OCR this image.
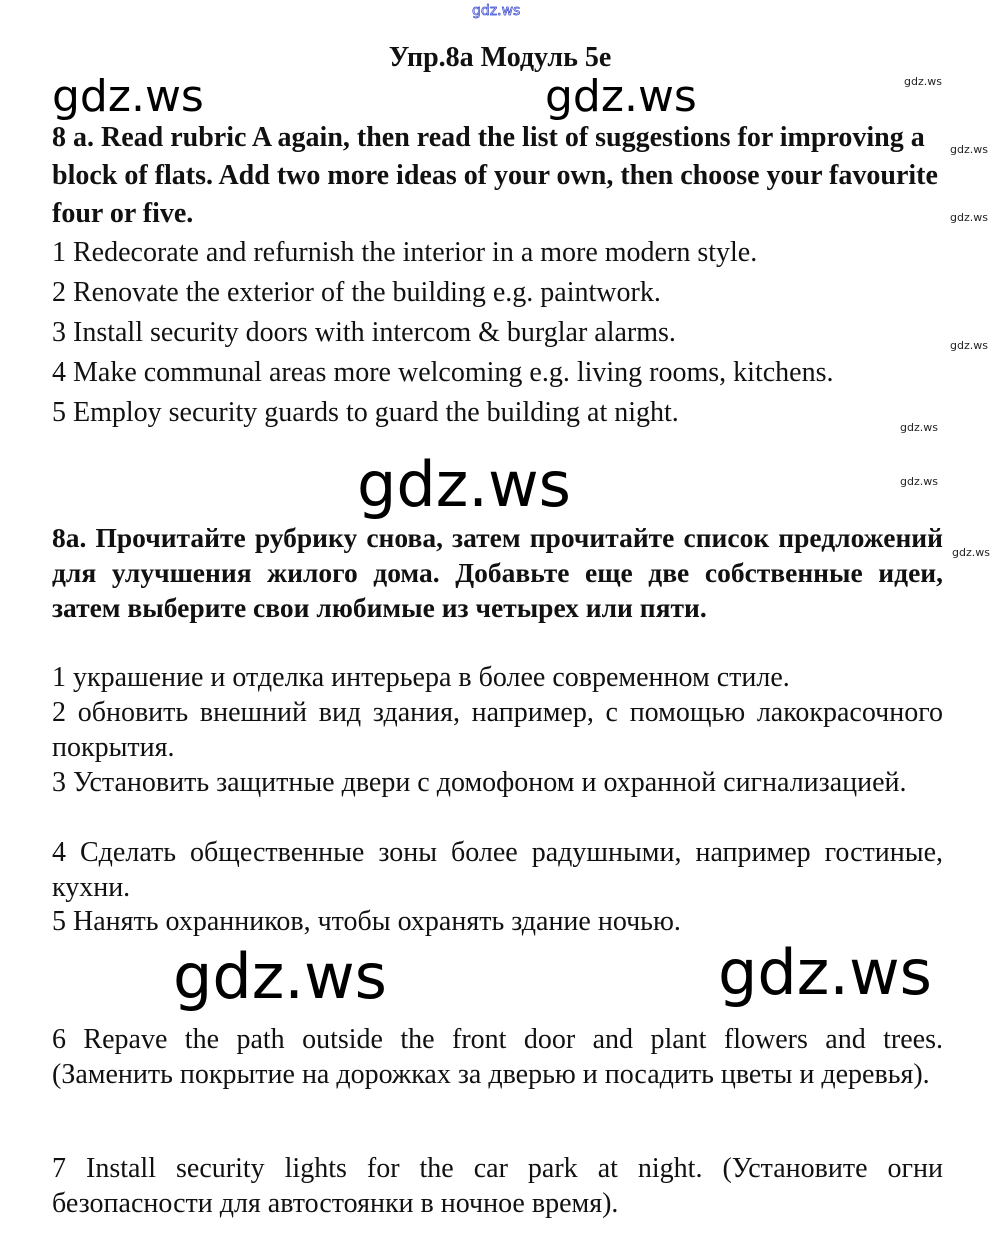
gdz.ws
Упр.8а Модуль 5e
gdz.ws	gdz.ws
8 a. Read rubric A again, then read the list of suggestions for improving a block of flats. Add two more ideas of your own, then choose your favourite four or five.
1 Redecorate and refurnish the interior in a more modern style.
2 Renovate the exterior of the building e.g. paintwork.
3 Install security doors with intercom & burglar alarms.
4 Make communal areas more welcoming e.g. living rooms, kitchens.
5 Employ security guards to guard the building at night.
gdz.ws
8а. Прочитайте рубрику снова, затем прочитайте список предложений для улучшения жилого дома. Добавьте еще две собственные идеи, затем выберите свои любимые из четырех или пяти.
1 украшение и отделка интерьера в более современном стиле.
2 обновить внешний вид здания, например, с помощью лакокрасочного покрытия.
3 Установить защитные двери с домофоном и охранной сигнализацией.
4 Сделать общественные зоны более радушными, например гостиные, кухни.
5 Нанять охранников, чтобы охранять здание ночью.
gdz.ws	gdz.ws
6 Repave the path outside the front door and plant flowers and trees. (Заменить покрытие на дорожках за дверью и посадить цветы и деревья).
7 Install security lights for the car park at night. (Установите огни безопасности для автостоянки в ночное время).
gdz.ws
gdz.ws
gdz.ws
gdz.ws
gdz.ws
gdz.ws
gdz.ws
